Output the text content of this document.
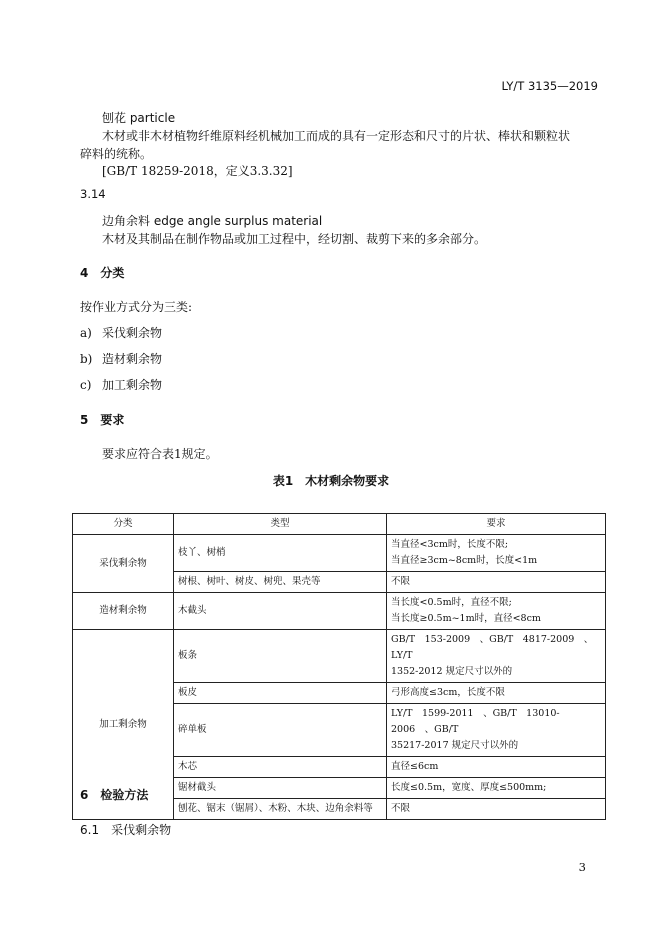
LY/T 3135—2019
刨花 particle
木材或非木材植物纤维原料经机械加工而成的具有一定形态和尺寸的片状、棒状和颗粒状
碎料的统称。
[GB/T 18259-2018，定义3.3.32]
3.14
边角余料 edge angle surplus material
木材及其制品在制作物品或加工过程中，经切割、裁剪下来的多余部分。
4 分类
按作业方式分为三类:
a) 采伐剩余物
b) 造材剩余物
c) 加工剩余物
5 要求
要求应符合表1规定。
表1　木材剩余物要求
分类	类型	要求
采伐剩余物	枝丫、树梢	当直径<3cm时，长度不限;
当直径≥3cm~8cm时，长度<1m

	树根、树叶、树皮、树兜、果壳等	不限
造材剩余物	木截头	当长度<0.5m时，直径不限;
当长度≥0.5m~1m时，直径<8cm

加工剩余物	板条	GB/T　153-2009　、GB/T　4817-2009　、LY/T
1352-2012 规定尺寸以外的

	板皮	弓形高度≤3cm，长度不限
	碎单板	LY/T　1599-2011　、GB/T　13010-2006　、GB/T
35217-2017 规定尺寸以外的

	木芯	直径≤6cm
	锯材截头	长度≤0.5m，宽度、厚度≤500mm;
	刨花、锯末（锯屑）、木粉、木块、边角余料等	不限
6 检验方法
6.1 采伐剩余物
3
